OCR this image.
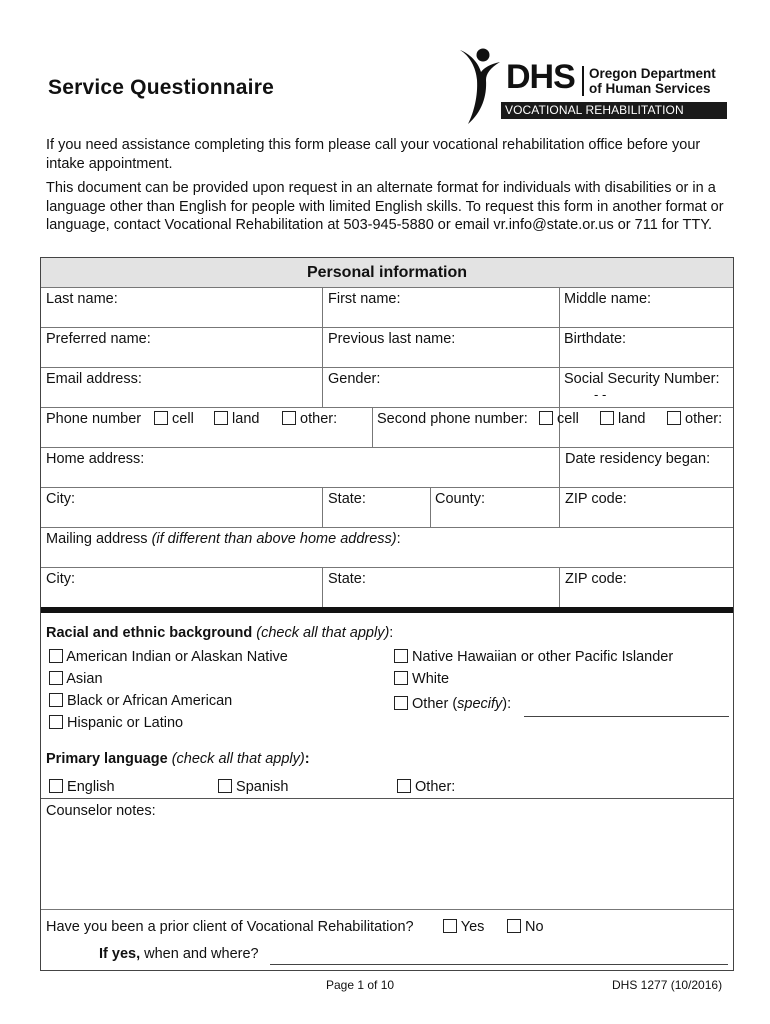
Service Questionnaire	DHS Oregon Department
of Human Services
VOCATIONAL REHABILITATION
If you need assistance completing this form please call your vocational rehabilitation office before your intake appointment.
This document can be provided upon request in an alternate format for individuals with disabilities or in a language other than English for people with limited English skills. To request this form in another format or language, contact Vocational Rehabilitation at 503-945-5880 or email vr.info@state.or.us or 711 for TTY.
Personal information
Last name:	First name:	Middle name:
Preferred name:	Previous last name:	Birthdate:
Email address:	Gender:	Social Security Number:
- -
Phone number	cell	land	other:	Second phone number:	cell	land	other:
Home address:	Date residency began:
City:	State:	County:	ZIP code:
Mailing address (if different than above home address):
City:	State:	ZIP code:
Racial and ethnic background (check all that apply):
American Indian or Alaskan Native
Asian
Black or African American
Hispanic or Latino
Native Hawaiian or other Pacific Islander
White
Other (specify):
Primary language (check all that apply):
English	Spanish	Other:
Counselor notes:
Have you been a prior client of Vocational Rehabilitation?	Yes	No
If yes, when and where?
Page 1 of 10	DHS 1277 (10/2016)
